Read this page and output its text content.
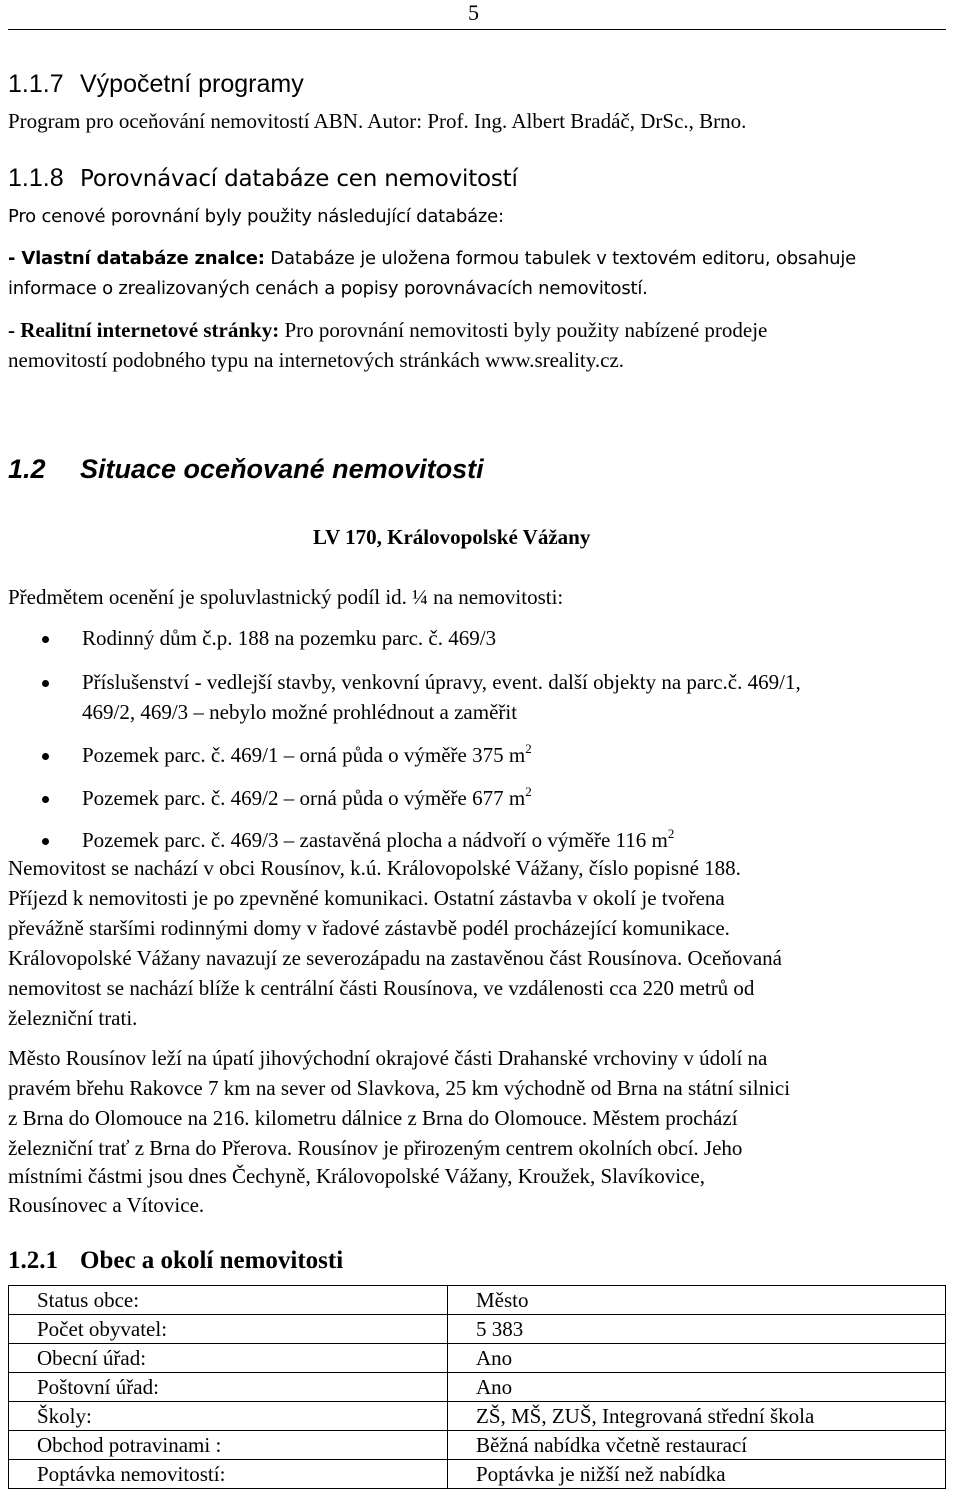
5
1.1.7 Výpočetní programy
Program pro oceňování nemovitostí ABN. Autor: Prof. Ing. Albert Bradáč, DrSc., Brno.
1.1.8 Porovnávací databáze cen nemovitostí
Pro cenové porovnání byly použity následující databáze:
- Vlastní databáze znalce: Databáze je uložena formou tabulek v textovém editoru, obsahuje
informace o zrealizovaných cenách a popisy porovnávacích nemovitostí.
- Realitní internetové stránky: Pro porovnání nemovitosti byly použity nabízené prodeje
nemovitostí podobného typu na internetových stránkách www.sreality.cz.
1.2 Situace oceňované nemovitosti
LV 170, Královopolské Vážany
Předmětem ocenění je spoluvlastnický podíl id. ¼ na nemovitosti:
Rodinný dům č.p. 188 na pozemku parc. č. 469/3
Příslušenství - vedlejší stavby, venkovní úpravy, event. další objekty na parc.č. 469/1,
469/2, 469/3 – nebylo možné prohlédnout a zaměřit
Pozemek parc. č. 469/1 – orná půda o výměře 375 $m^2$
Pozemek parc. č. 469/2 – orná půda o výměře 677 $m^2$
Pozemek parc. č. 469/3 – zastavěná plocha a nádvoří o výměře 116 $m^2$
Nemovitost se nachází v obci Rousínov, k.ú. Královopolské Vážany, číslo popisné 188.
Příjezd k nemovitosti je po zpevněné komunikaci. Ostatní zástavba v okolí je tvořena
převážně staršími rodinnými domy v řadové zástavbě podél procházející komunikace.
Královopolské Vážany navazují ze severozápadu na zastavěnou část Rousínova. Oceňovaná
nemovitost se nachází blíže k centrální části Rousínova, ve vzdálenosti cca 220 metrů od
železniční trati.
Město Rousínov leží na úpatí jihovýchodní okrajové části Drahanské vrchoviny v údolí na
pravém břehu Rakovce 7 km na sever od Slavkova, 25 km východně od Brna na státní silnici
z Brna do Olomouce na 216. kilometru dálnice z Brna do Olomouce. Městem prochází
železniční trať z Brna do Přerova. Rousínov je přirozeným centrem okolních obcí. Jeho
místními částmi jsou dnes Čechyně, Královopolské Vážany, Kroužek, Slavíkovice,
Rousínovec a Vítovice.
1.2.1 Obec a okolí nemovitosti
Status obce:	Město
Počet obyvatel:	5 383
Obecní úřad:	Ano
Poštovní úřad:	Ano
Školy:	ZŠ, MŠ, ZUŠ, Integrovaná střední škola
Obchod potravinami :	Běžná nabídka včetně restaurací
Poptávka nemovitostí:	Poptávka je nižší než nabídka
